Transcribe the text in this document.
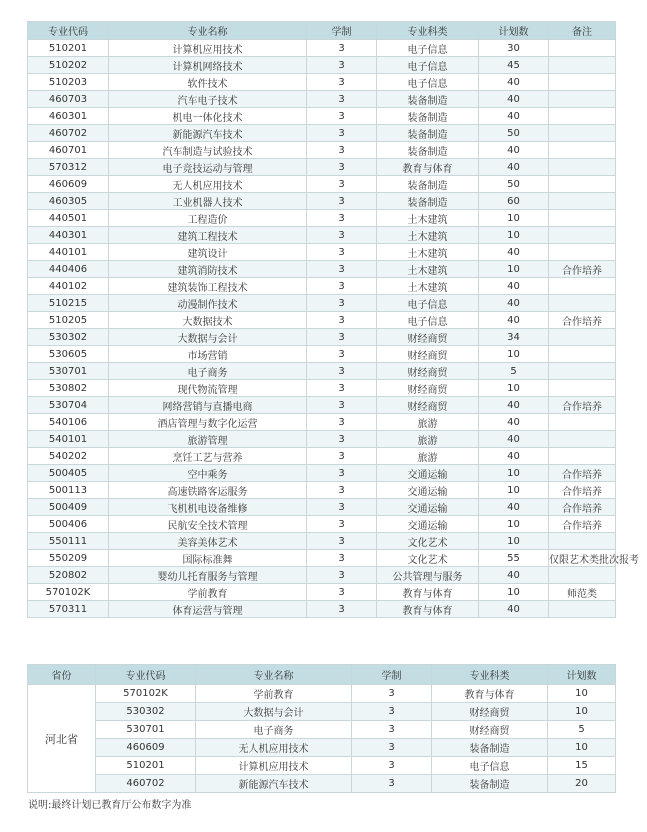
专业代码	专业名称	学制	专业科类	计划数	备注
510201	计算机应用技术	3	电子信息	30	
510202	计算机网络技术	3	电子信息	45	
510203	软件技术	3	电子信息	40	
460703	汽车电子技术	3	装备制造	40	
460301	机电一体化技术	3	装备制造	40	
460702	新能源汽车技术	3	装备制造	50	
460701	汽车制造与试验技术	3	装备制造	40	
570312	电子竞技运动与管理	3	教育与体育	40	
460609	无人机应用技术	3	装备制造	50	
460305	工业机器人技术	3	装备制造	60	
440501	工程造价	3	土木建筑	10	
440301	建筑工程技术	3	土木建筑	10	
440101	建筑设计	3	土木建筑	40	
440406	建筑消防技术	3	土木建筑	10	合作培养
440102	建筑装饰工程技术	3	土木建筑	40	
510215	动漫制作技术	3	电子信息	40	
510205	大数据技术	3	电子信息	40	合作培养
530302	大数据与会计	3	财经商贸	34	
530605	市场营销	3	财经商贸	10	
530701	电子商务	3	财经商贸	5	
530802	现代物流管理	3	财经商贸	10	
530704	网络营销与直播电商	3	财经商贸	40	合作培养
540106	酒店管理与数字化运营	3	旅游	40	
540101	旅游管理	3	旅游	40	
540202	烹饪工艺与营养	3	旅游	40	
500405	空中乘务	3	交通运输	10	合作培养
500113	高速铁路客运服务	3	交通运输	10	合作培养
500409	飞机机电设备维修	3	交通运输	40	合作培养
500406	民航安全技术管理	3	交通运输	10	合作培养
550111	美容美体艺术	3	文化艺术	10	
550209	国际标准舞	3	文化艺术	55	仅限艺术类批次报考
520802	婴幼儿托育服务与管理	3	公共管理与服务	40	
570102K	学前教育	3	教育与体育	10	师范类
570311	体育运营与管理	3	教育与体育	40	
省份	专业代码	专业名称	学制	专业科类	计划数
河北省	570102K	学前教育	3	教育与体育	10
	530302	大数据与会计	3	财经商贸	10
	530701	电子商务	3	财经商贸	5
	460609	无人机应用技术	3	装备制造	10
	510201	计算机应用技术	3	电子信息	15
	460702	新能源汽车技术	3	装备制造	20
说明:最终计划已教育厅公布数字为准
